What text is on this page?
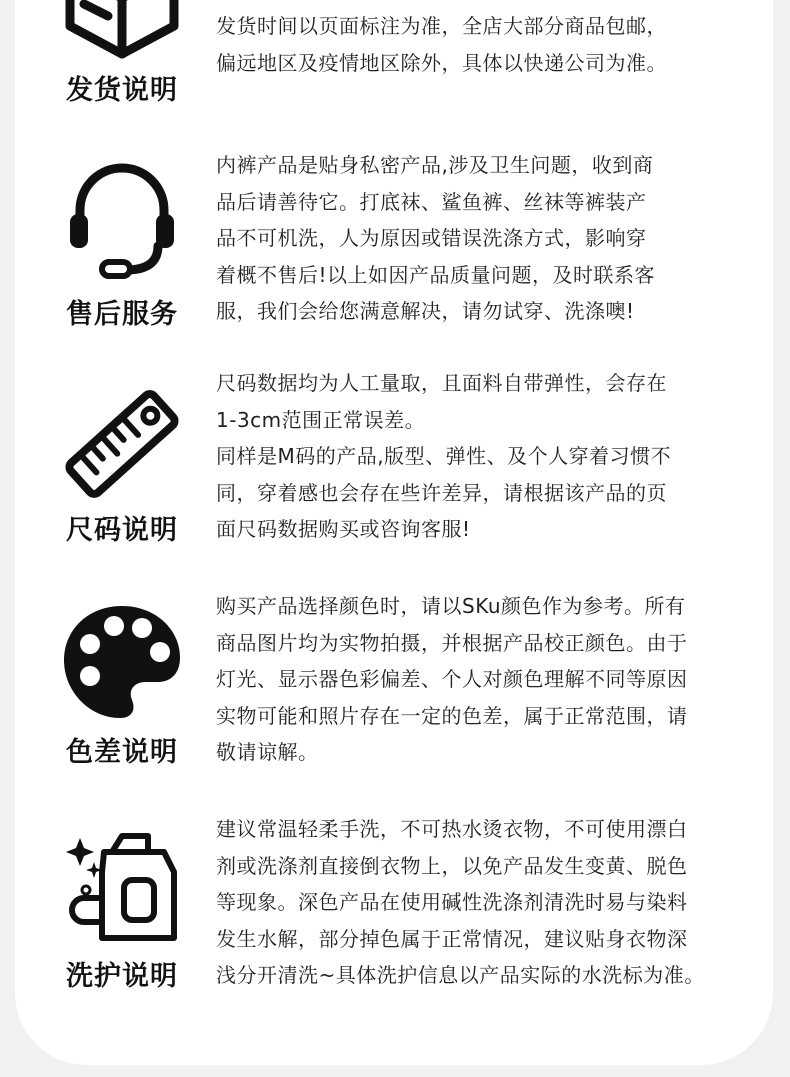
发货说明
发货时间以页面标注为准，全店大部分商品包邮，
偏远地区及疫情地区除外，具体以快递公司为准。
售后服务
内裤产品是贴身私密产品,涉及卫生问题，收到商
品后请善待它。打底袜、鲨鱼裤、丝袜等裤装产
品不可机洗，人为原因或错误洗涤方式，影响穿
着概不售后!以上如因产品质量问题，及时联系客
服，我们会给您满意解决，请勿试穿、洗涤噢!
尺码说明
尺码数据均为人工量取，且面料自带弹性，会存在
1-3cm范围正常误差。
同样是M码的产品,版型、弹性、及个人穿着习惯不
同，穿着感也会存在些许差异，请根据该产品的页
面尺码数据购买或咨询客服!
色差说明
购买产品选择颜色时，请以SKu颜色作为参考。所有
商品图片均为实物拍摄，并根据产品校正颜色。由于
灯光、显示器色彩偏差、个人对颜色理解不同等原因
实物可能和照片存在一定的色差，属于正常范围，请
敬请谅解。
洗护说明
建议常温轻柔手洗，不可热水烫衣物，不可使用漂白
剂或洗涤剂直接倒衣物上，以免产品发生变黄、脱色
等现象。深色产品在使用碱性洗涤剂清洗时易与染料
发生水解，部分掉色属于正常情况，建议贴身衣物深
浅分开清洗~具体洗护信息以产品实际的水洗标为准。
